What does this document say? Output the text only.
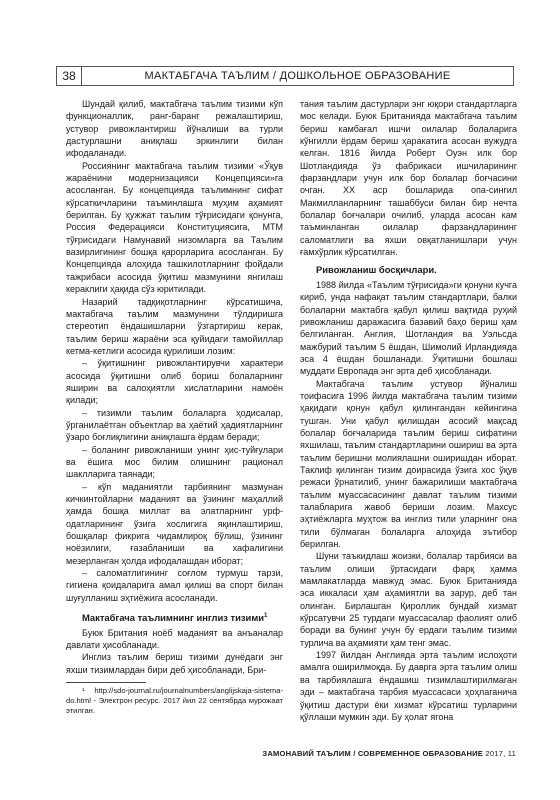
38	МАКТАБГАЧА ТАЪЛИМ / ДОШКОЛЬНОЕ ОБРАЗОВАНИЕ

Шундай қилиб, мактабгача таълим тизими кўп функционаллик, ранг-баранг режалаштириш, устувор ривожлантириш йўналиши ва турли дастурлашни аниқлаш эркинлиги билан ифодаланади.

Россиянинг мактабгача таълим тизими «Ўқув жараёнини модернизацияси Концепцияси»га асосланган. Бу концепцияда таълимнинг сифат кўрсаткичларини таъминлашга муҳим аҳамият берилган. Бу ҳужжат таълим тўғрисидаги қонунга, Россия Федерацияси Конституциясига, МТМ тўғрисидаги Намунавий низомларга ва Таълим вазирлигининг бошқа қарорларига асосланган. Бу Концепцияда алоҳида ташкилотларнинг фойдали тажрибаси асосида ўқитиш мазмунини янгилаш кераклиги ҳақида сўз юритилади.

Назарий тадқиқотларнинг кўрсатишича, мактабгача таълим мазмунини тўлдиришга стереотип ёндашишларни ўзгартириш керак, таълим бериш жараёни эса қуйидаги тамойиллар кетма-кетлиги асосида қурилиши лозим:

– ўқитишнинг ривожлантирувчи характери асосида ўқитишни олиб бориш болаларнинг яширин ва салоҳиятли хислатларини намоён қилади;

– тизимли таълим болаларга ҳодисалар, ўрганилаётган объектлар ва ҳаётий ҳадиятларнинг ўзаро боғлиқлигини аниқлашга ёрдам беради;

– боланинг ривожланиши унинг ҳис-туйғулари ва ёшига мос билим олишнинг рационал шаклларига таянади;

– кўп маданиятли тарбиянинг мазмунан кичкинтойларни маданият ва ўзининг маҳаллий ҳамда бошқа миллат ва элатларнинг урф-одатларининг ўзига хослигига яқинлаштириш, бошқалар фикрига чидамлироқ бўлиш, ўзининг ноёзилиги, ғазабланиши ва хафалигини мезерланган ҳолда ифодалашдан иборат;

– саломатлигининг соғлом турмуш тарзи, гигиена қоидаларига амал қилиш ва спорт билан шуғулланиш эҳтиёжига асосланади.

Мактабгача таълимнинг инглиз тизими$^1$

Буюк Британия ноёб маданият ва анъаналар давлати ҳисобланади.

Инглиз таълим бериш тизими дунёдаги энг яхши тизимлардан бири деб ҳисобланади, Бри-

¹ http://sdo-journal.ru/journalnumbers/anglijskaja-sistema-do.html - Электрон ресурс. 2017 йил 22 сентябрда мурожаат этилган.

тания таълим дастурлари энг юқори стандартларга мос келади. Буюк Британияда мактабгача таълим бериш камбағал ишчи оилалар болаларига кўнгилли ёрдам бериш ҳаракатига асосан вужудга келган. 1816 йилда Роберт Оуэн илк бор Шотландияда ўз фабрикаси ишчиларининг фарзандлари учун илк бор болалар боғчасини очган. XX аср бошларида опа-сингил Макмилланларнинг ташаббуси билан бир нечта болалар боғчалари очилиб, уларда асосан кам таъминланган оилалар фарзандларининг саломатлиги ва яхши овқатланишлари учун ғамхўрлик кўрсатилган.

Ривожланиш босқичлари.

1988 йилда «Таълим тўғрисида»ги қонуни кучга кириб, унда нафақат таълим стандартлари, балки болаларни мактабга қабул қилиш вақтида руҳий ривожланиш даражасига базавий баҳо бериш ҳам белгиланган. Англия, Шотландия ва Уэльсда мажбурий таълим 5 ёшдан, Шимолий Ирландияда эса 4 ёшдан бошланади. Ўқитишни бошлаш муддати Европада энг эрта деб ҳисобланади.

Мактабгача таълим устувор йўналиш тоифасига 1996 йилда мактабгача таълим тизими ҳақидаги қонун қабул қилингандан кейингина тушган. Уни қабул қилишдан асосий мақсад болалар боғчаларида таълим бериш сифатини яхшилаш, таълим стандартларини ошириш ва эрта таълим беришни молиялашни оширишдан иборат. Таклиф қилинган тизим доирасида ўзига хос ўқув режаси ўрнатилиб, унинг бажарилиши мактабгача таълим муассасасининг давлат таълим тизими талабларига жавоб бериши лозим. Махсус эҳтиёжларга муҳтож ва инглиз тили уларнинг она тили бўлмаган болаларга алоҳида эътибор берилган.

Шуни таъкидлаш жоизки, болалар тарбияси ва таълим олиши ўртасидаги фарқ ҳамма мамлакатларда мавжуд эмас. Буюк Британияда эса иккаласи ҳам аҳамиятли ва зарур, деб тан олинган. Бирлашган Қироллик бундай хизмат кўрсатувчи 25 турдаги муассасалар фаолият олиб боради ва бунинг учун бу ердаги таълим тизими турлича ва аҳамияти ҳам тенг эмас.

1997 йилдан Англияда эрта таълим ислоҳоти амалга оширилмоқда. Бу даврга эрта таълим олиш ва тарбиялашга ёндашиш тизимлаштирилмаган эди – мактабгача тарбия муассасаси ҳоҳлаганича ўқитиш дастури ёки хизмат кўрсатиш турларини қўллаши мумкин эди. Бу ҳолат ягона

ЗАМОНАВИЙ ТАЪЛИМ / СОВРЕМЕННОЕ ОБРАЗОВАНИЕ 2017, 11
